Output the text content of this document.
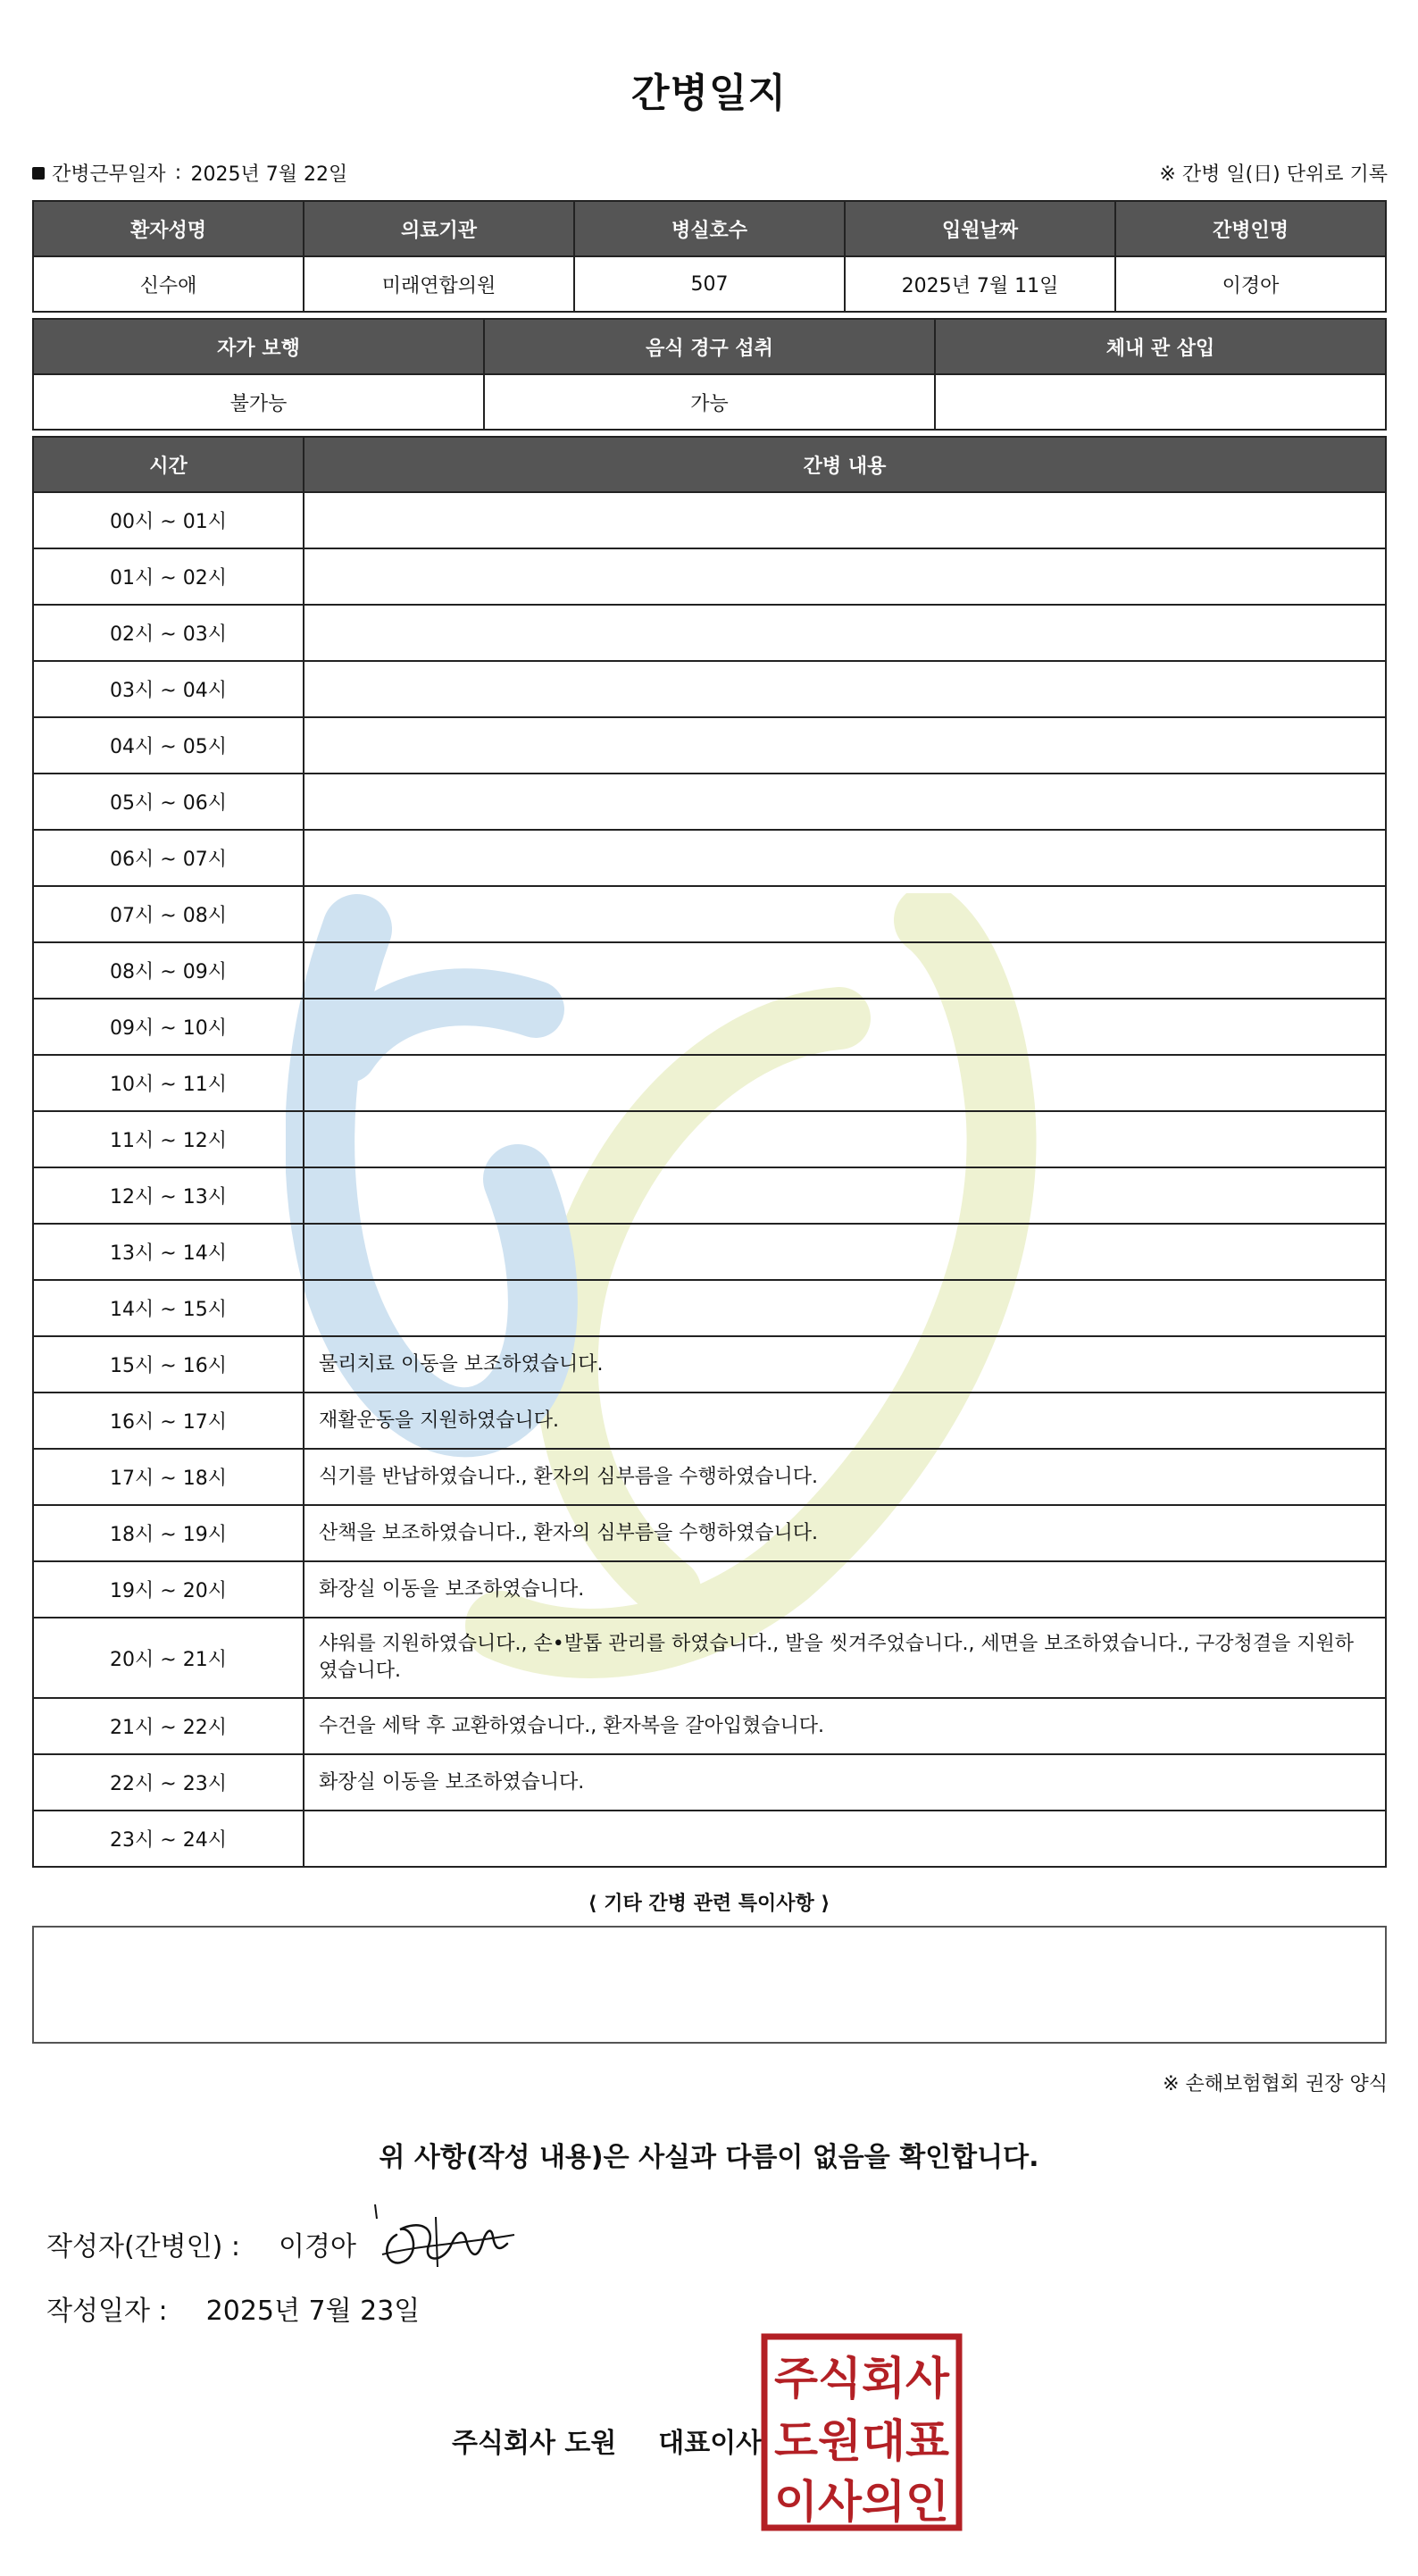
간병일지
간병근무일자 : 2025년 7월 22일	※ 간병 일(日) 단위로 기록
환자성명	의료기관	병실호수	입원날짜	간병인명
신수애	미래연합의원	507	2025년 7월 11일	이경아
자가 보행	음식 경구 섭취	체내 관 삽입
불가능	가능	
시간	간병 내용
00시 ~ 01시	
01시 ~ 02시	
02시 ~ 03시	
03시 ~ 04시	
04시 ~ 05시	
05시 ~ 06시	
06시 ~ 07시	
07시 ~ 08시	
08시 ~ 09시	
09시 ~ 10시	
10시 ~ 11시	
11시 ~ 12시	
12시 ~ 13시	
13시 ~ 14시	
14시 ~ 15시	
15시 ~ 16시	물리치료 이동을 보조하였습니다.
16시 ~ 17시	재활운동을 지원하였습니다.
17시 ~ 18시	식기를 반납하였습니다., 환자의 심부름을 수행하였습니다.
18시 ~ 19시	산책을 보조하였습니다., 환자의 심부름을 수행하였습니다.
19시 ~ 20시	화장실 이동을 보조하였습니다.
20시 ~ 21시	샤워를 지원하였습니다., 손•발톱 관리를 하였습니다., 발을 씻겨주었습니다., 세면을 보조하였습니다., 구강청결을 지원하였습니다.
21시 ~ 22시	수건을 세탁 후 교환하였습니다., 환자복을 갈아입혔습니다.
22시 ~ 23시	화장실 이동을 보조하였습니다.
23시 ~ 24시	
⟨ 기타 간병 관련 특이사항 ⟩
※ 손해보험협회 권장 양식
위 사항(작성 내용)은 사실과 다름이 없음을 확인합니다.
작성자(간병인) : 이경아
작성일자 : 2025년 7월 23일
주식회사 도원 대표이사
주식회사
도원대표
이사의인
